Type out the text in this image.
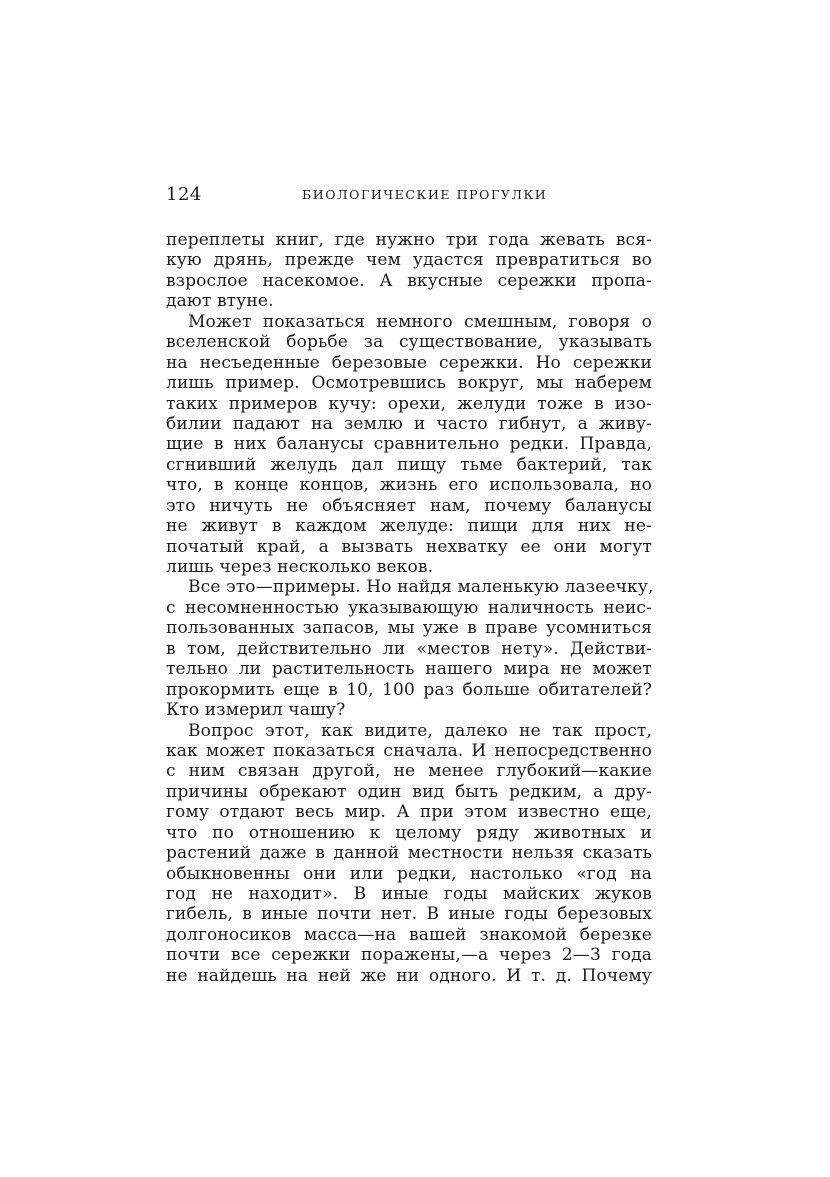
124	БИОЛОГИЧЕСКИЕ ПРОГУЛКИ
переплеты книг, где нужно три года жевать вся-
кую дрянь, прежде чем удастся превратиться во
взрослое насекомое. А вкусные сережки пропа-
дают втуне.
Может показаться немного смешным, говоря о
вселенской борьбе за существование, указывать
на несъеденные березовые сережки. Но сережки
лишь пример. Осмотревшись вокруг, мы наберем
таких примеров кучу: орехи, желуди тоже в изо-
билии падают на землю и часто гибнут, а живу-
щие в них баланусы сравнительно редки. Правда,
сгнивший желудь дал пищу тьме бактерий, так
что, в конце концов, жизнь его использовала, но
это ничуть не объясняет нам, почему баланусы
не живут в каждом желуде: пищи для них не-
початый край, а вызвать нехватку ее они могут
лишь через несколько веков.
Все это—примеры. Но найдя маленькую лазеечку,
с несомненностью указывающую наличность неис-
пользованных запасов, мы уже в праве усомниться
в том, действительно ли «местов нету». Действи-
тельно ли растительность нашего мира не может
прокормить еще в 10, 100 раз больше обитателей?
Кто измерил чашу?
Вопрос этот, как видите, далеко не так прост,
как может показаться сначала. И непосредственно
с ним связан другой, не менее глубокий—какие
причины обрекают один вид быть редким, а дру-
гому отдают весь мир. А при этом известно еще,
что по отношению к целому ряду животных и
растений даже в данной местности нельзя сказать
обыкновенны они или редки, настолько «год на
год не находит». В иные годы майских жуков
гибель, в иные почти нет. В иные годы березовых
долгоносиков масса—на вашей знакомой березке
почти все сережки поражены,—а через 2—3 года
не найдешь на ней же ни одного. И т. д. Почему
